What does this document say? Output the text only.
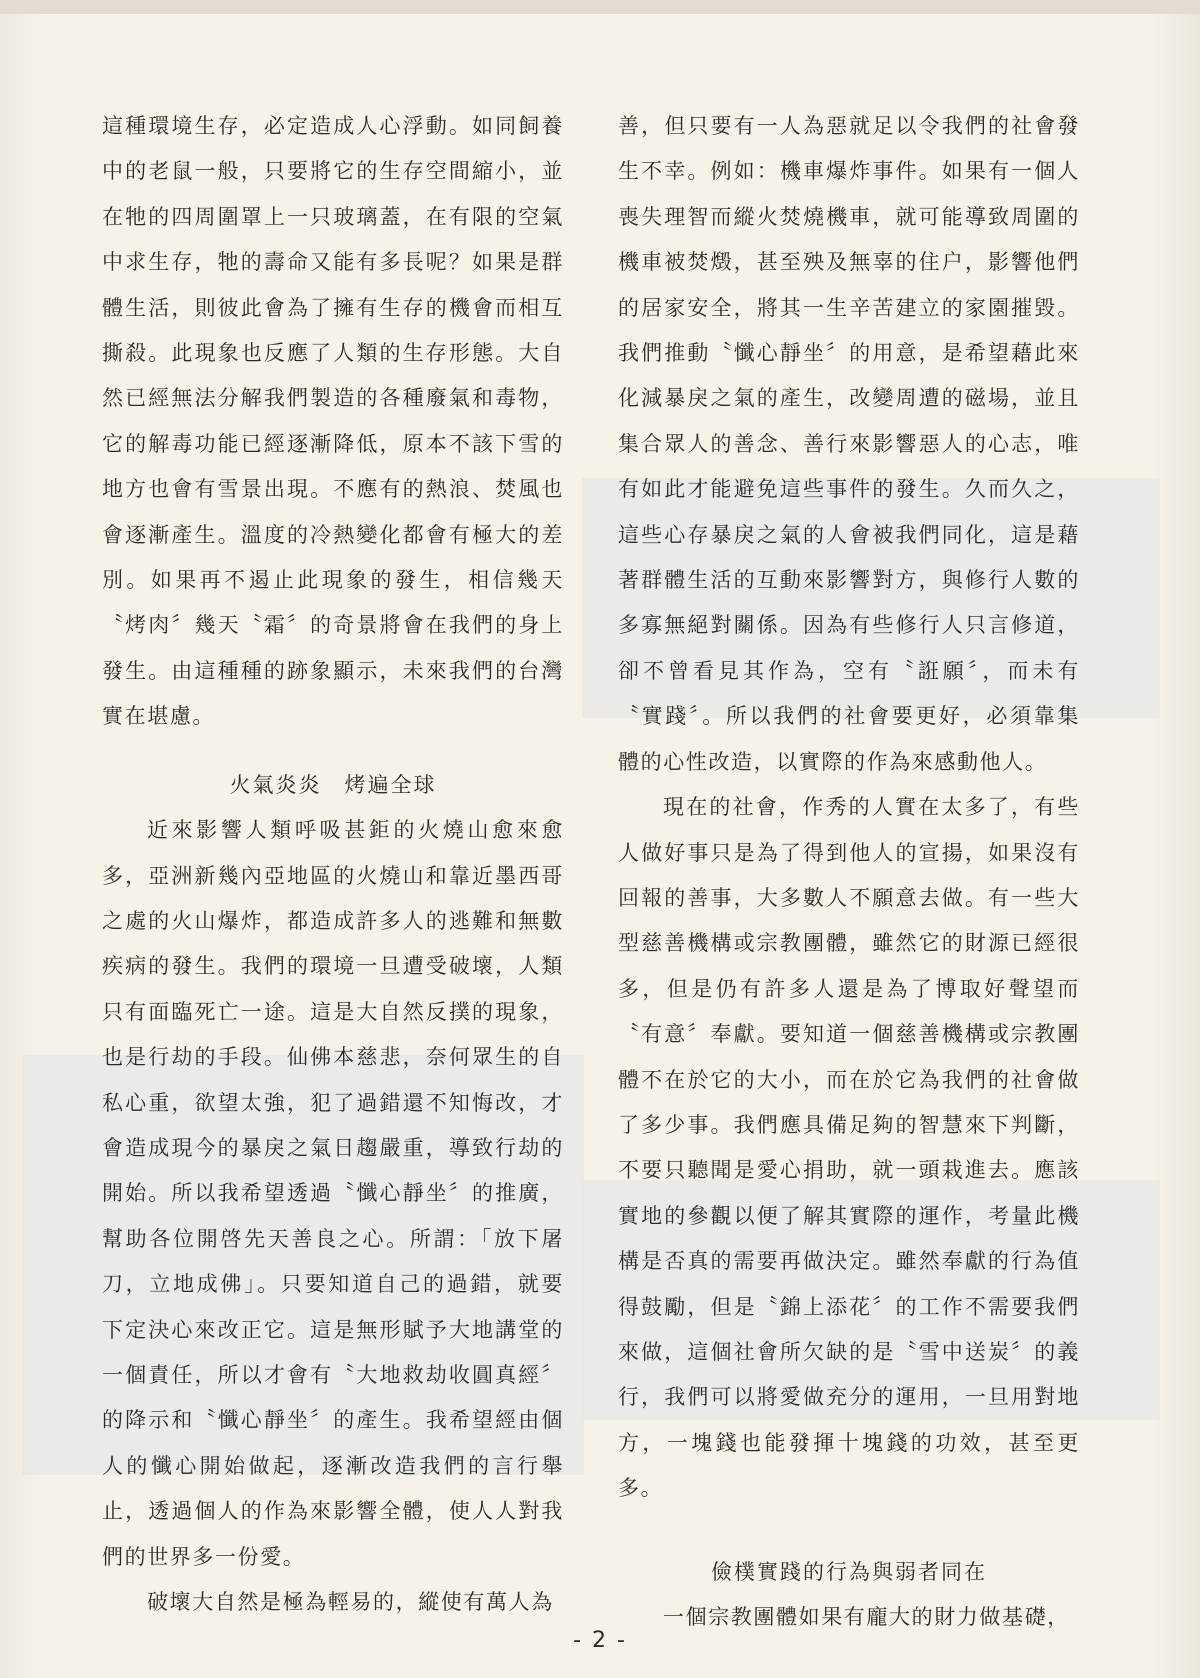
這種環境生存，必定造成人心浮動。如同飼養中的老鼠一般，只要將它的生存空間縮小，並在牠的四周圍罩上一只玻璃蓋，在有限的空氣中求生存，牠的壽命又能有多長呢？如果是群體生活，則彼此會為了擁有生存的機會而相互撕殺。此現象也反應了人類的生存形態。大自然已經無法分解我們製造的各種廢氣和毒物，它的解毒功能已經逐漸降低，原本不該下雪的地方也會有雪景出現。不應有的熱浪、焚風也會逐漸產生。溫度的冷熱變化都會有極大的差別。如果再不遏止此現象的發生，相信幾天〝烤肉〞幾天〝霜〞的奇景將會在我們的身上發生。由這種種的跡象顯示，未來我們的台灣實在堪慮。

火氣炎炎　烤遍全球

近來影響人類呼吸甚鉅的火燒山愈來愈多，亞洲新幾內亞地區的火燒山和靠近墨西哥之處的火山爆炸，都造成許多人的逃難和無數疾病的發生。我們的環境一旦遭受破壞，人類只有面臨死亡一途。這是大自然反撲的現象，也是行劫的手段。仙佛本慈悲，奈何眾生的自私心重，欲望太強，犯了過錯還不知悔改，才會造成現今的暴戾之氣日趨嚴重，導致行劫的開始。所以我希望透過〝懺心靜坐〞的推廣，幫助各位開啓先天善良之心。所謂：「放下屠刀，立地成佛」。只要知道自己的過錯，就要下定決心來改正它。這是無形賦予大地講堂的一個責任，所以才會有〝大地救劫收圓真經〞的降示和〝懺心靜坐〞的產生。我希望經由個人的懺心開始做起，逐漸改造我們的言行舉止，透過個人的作為來影響全體，使人人對我們的世界多一份愛。

破壞大自然是極為輕易的，縱使有萬人為

善，但只要有一人為惡就足以令我們的社會發生不幸。例如：機車爆炸事件。如果有一個人喪失理智而縱火焚燒機車，就可能導致周圍的機車被焚燬，甚至殃及無辜的住户，影響他們的居家安全，將其一生辛苦建立的家園摧毀。我們推動〝懺心靜坐〞的用意，是希望藉此來化減暴戾之氣的產生，改變周遭的磁場，並且集合眾人的善念、善行來影響惡人的心志，唯有如此才能避免這些事件的發生。久而久之，這些心存暴戾之氣的人會被我們同化，這是藉著群體生活的互動來影響對方，與修行人數的多寡無絕對關係。因為有些修行人只言修道，卻不曾看見其作為，空有〝誑願〞，而未有〝實踐〞。所以我們的社會要更好，必須靠集體的心性改造，以實際的作為來感動他人。

現在的社會，作秀的人實在太多了，有些人做好事只是為了得到他人的宣揚，如果沒有回報的善事，大多數人不願意去做。有一些大型慈善機構或宗教團體，雖然它的財源已經很多，但是仍有許多人還是為了博取好聲望而〝有意〞奉獻。要知道一個慈善機構或宗教團體不在於它的大小，而在於它為我們的社會做了多少事。我們應具備足夠的智慧來下判斷，不要只聽聞是愛心捐助，就一頭栽進去。應該實地的參觀以便了解其實際的運作，考量此機構是否真的需要再做決定。雖然奉獻的行為值得鼓勵，但是〝錦上添花〞的工作不需要我們來做，這個社會所欠缺的是〝雪中送炭〞的義行，我們可以將愛做充分的運用，一旦用對地方，一塊錢也能發揮十塊錢的功效，甚至更多。

儉樸實踐的行為與弱者同在

一個宗教團體如果有龐大的財力做基礎，

- 2 -
